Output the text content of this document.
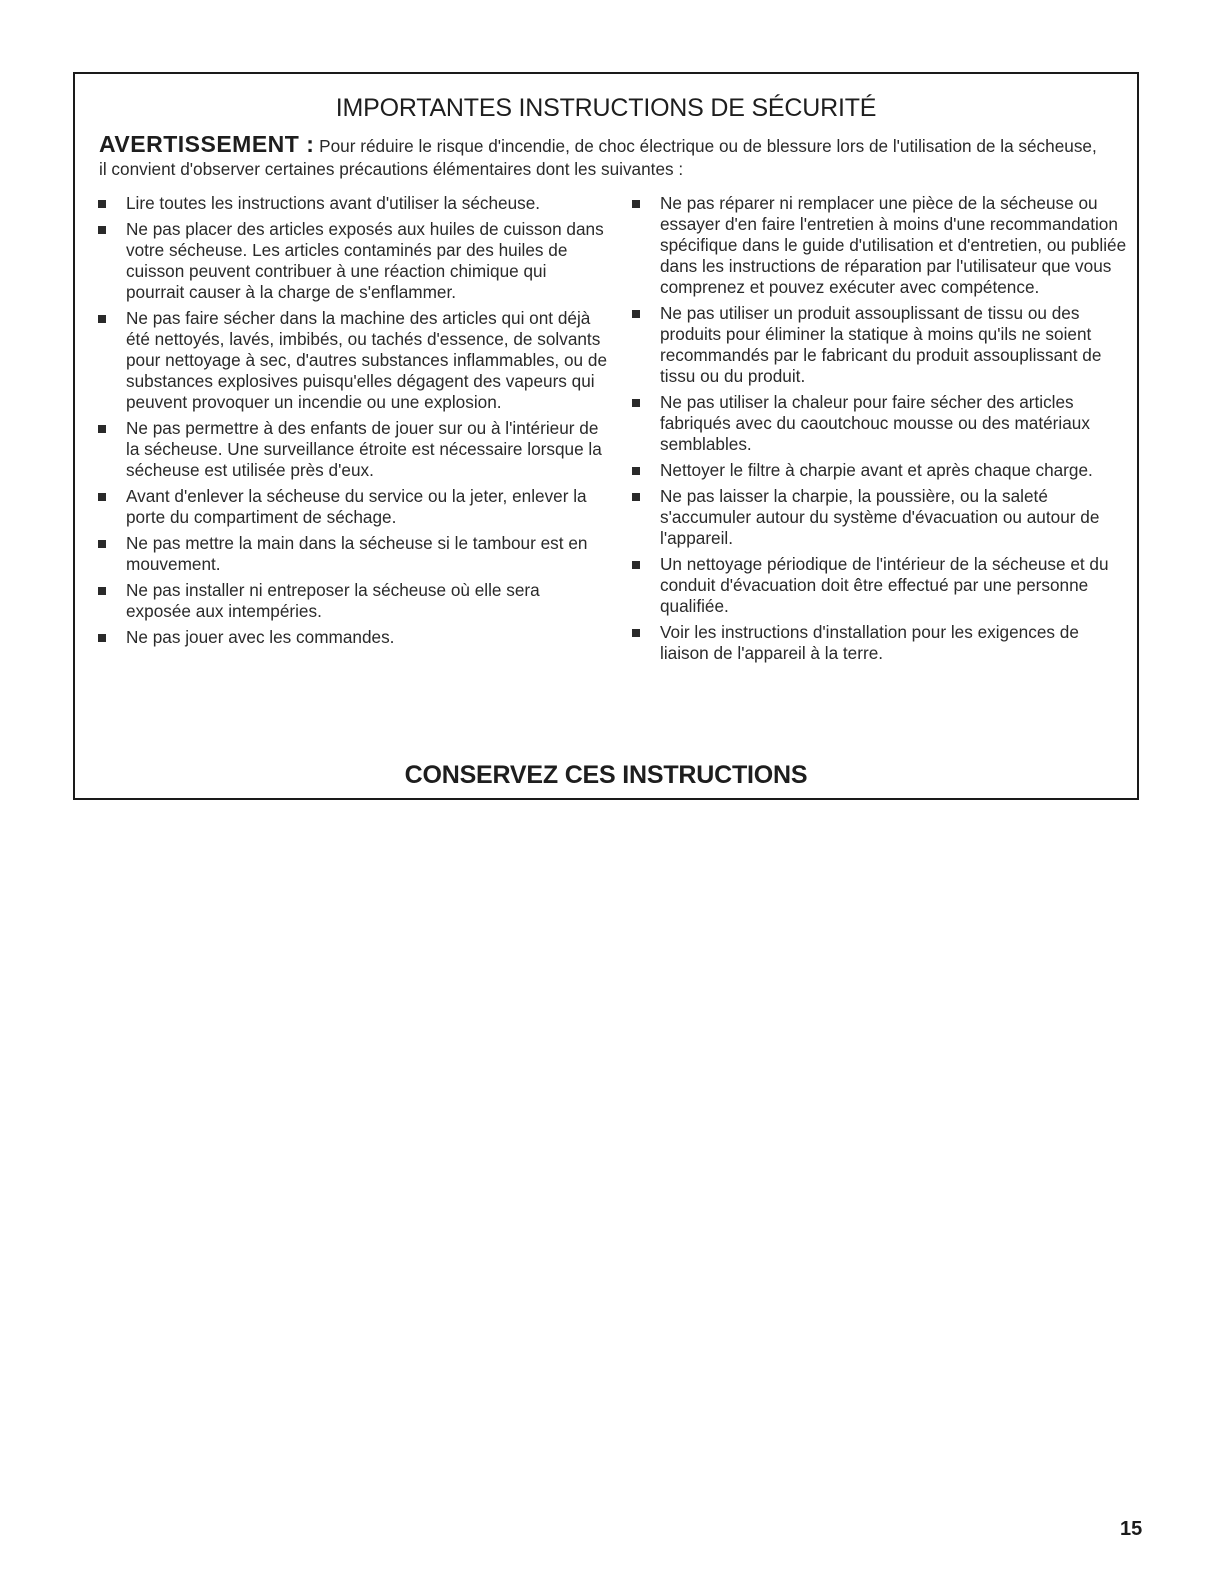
IMPORTANTES INSTRUCTIONS DE SÉCURITÉ
AVERTISSEMENT : Pour réduire le risque d'incendie, de choc électrique ou de blessure lors de l'utilisation de la sécheuse, il convient d'observer certaines précautions élémentaires dont les suivantes :
Lire toutes les instructions avant d'utiliser la sécheuse.
Ne pas placer des articles exposés aux huiles de cuisson dans votre sécheuse. Les articles contaminés par des huiles de cuisson peuvent contribuer à une réaction chimique qui pourrait causer à la charge de s'enflammer.
Ne pas faire sécher dans la machine des articles qui ont déjà été nettoyés, lavés, imbibés, ou tachés d'essence, de solvants pour nettoyage à sec, d'autres substances inflammables, ou de substances explosives puisqu'elles dégagent des vapeurs qui peuvent provoquer un incendie ou une explosion.
Ne pas permettre à des enfants de jouer sur ou à l'intérieur de la sécheuse. Une surveillance étroite est nécessaire lorsque la sécheuse est utilisée près d'eux.
Avant d'enlever la sécheuse du service ou la jeter, enlever la porte du compartiment de séchage.
Ne pas mettre la main dans la sécheuse si le tambour est en mouvement.
Ne pas installer ni entreposer la sécheuse où elle sera exposée aux intempéries.
Ne pas jouer avec les commandes.
Ne pas réparer ni remplacer une pièce de la sécheuse ou essayer d'en faire l'entretien à moins d'une recommandation spécifique dans le guide d'utilisation et d'entretien, ou publiée dans les instructions de réparation par l'utilisateur que vous comprenez et pouvez exécuter avec compétence.
Ne pas utiliser un produit assouplissant de tissu ou des produits pour éliminer la statique à moins qu'ils ne soient recommandés par le fabricant du produit assouplissant de tissu ou du produit.
Ne pas utiliser la chaleur pour faire sécher des articles fabriqués avec du caoutchouc mousse ou des matériaux semblables.
Nettoyer le filtre à charpie avant et après chaque charge.
Ne pas laisser la charpie, la poussière, ou la saleté s'accumuler autour du système d'évacuation ou autour de l'appareil.
Un nettoyage périodique de l'intérieur de la sécheuse et du conduit d'évacuation doit être effectué par une personne qualifiée.
Voir les instructions d'installation pour les exigences de liaison de l'appareil à la terre.
CONSERVEZ CES INSTRUCTIONS
15
